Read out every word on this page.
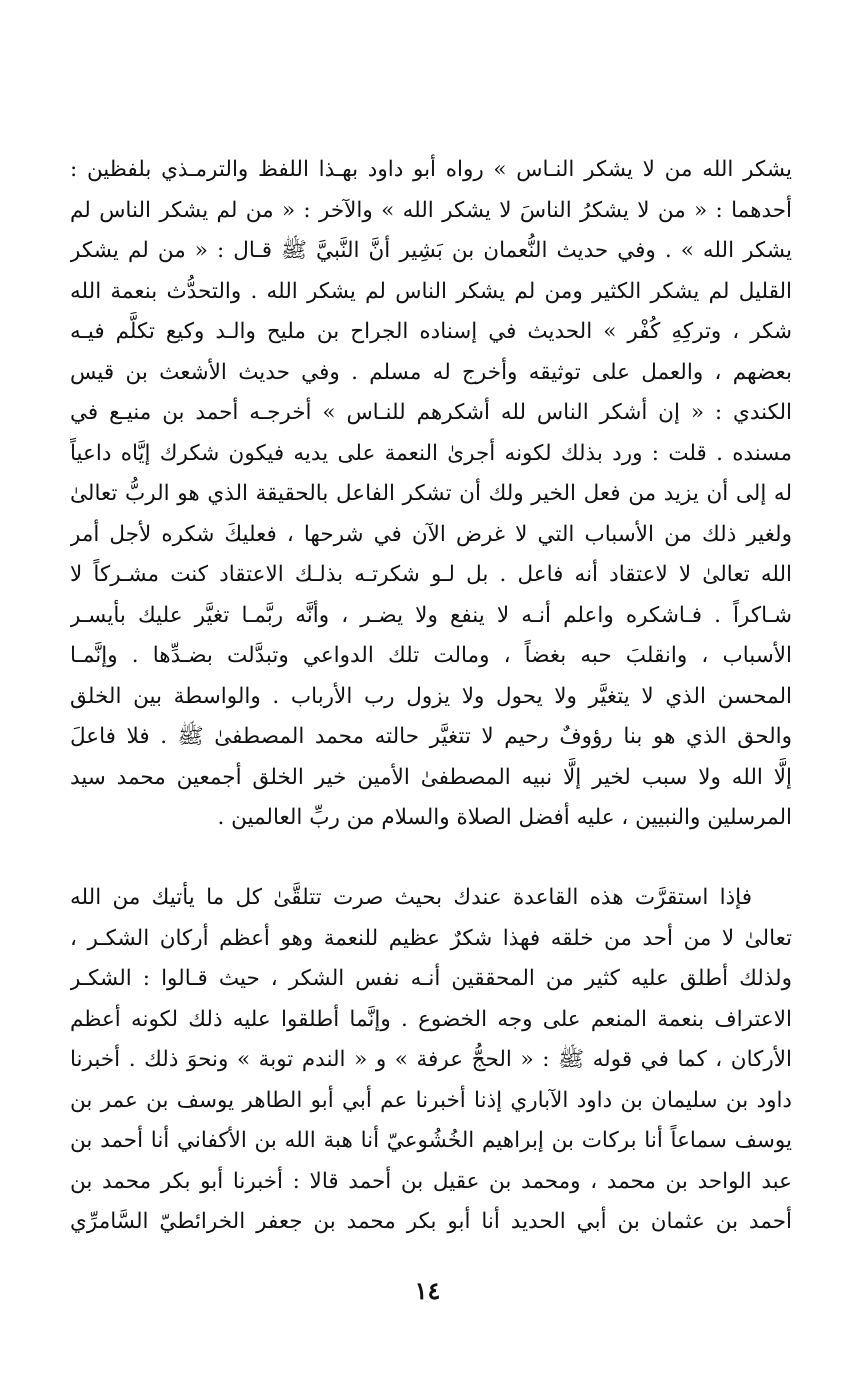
يشكر الله من لا يشكر النـاس » رواه أبو داود بهـذا اللفظ والترمـذي بلفظين :
أحدهما : « من لا يشكرُ الناسَ لا يشكر الله » والآخر : « من لم يشكر الناس لم
يشكر الله » . وفي حديث النُّعمان بن بَشِير أنَّ النَّبيَّ ﷺ قـال : « من لم يشكر
القليل لم يشكر الكثير ومن لم يشكر الناس لم يشكر الله . والتحدُّث بنعمة الله
شكر ، وتركِهِ كُفْر » الحديث في إسناده الجراح بن مليح والـد وكيع تكلَّم فيـه
بعضهم ، والعمل على توثيقه وأخرج له مسلم . وفي حديث الأشعث بن قيس
الكندي : « إن أشكر الناس لله أشكرهم للنـاس » أخرجـه أحمد بن منيـع في
مسنده . قلت : ورد بذلك لكونه أجرىٰ النعمة على يديه فيكون شكرك إيَّاه داعياً
له إلى أن يزيد من فعل الخير ولك أن تشكر الفاعل بالحقيقة الذي هو الربُّ تعالىٰ
ولغير ذلك من الأسباب التي لا غرض الآن في شرحها ، فعليكَ شكره لأجل أمر
الله تعالىٰ لا لاعتقاد أنه فاعل . بل لـو شكرتـه بذلـك الاعتقاد كنت مشـركاً لا
شـاكراً . فـاشكره واعلم أنـه لا ينفع ولا يضـر ، وأنَّه ربَّمـا تغيَّر عليك بأيسـر
الأسباب ، وانقلبَ حبه بغضاً ، ومالت تلك الدواعي وتبدَّلت بضـدِّها . وإنَّمـا
المحسن الذي لا يتغيَّر ولا يحول ولا يزول رب الأرباب . والواسطة بين الخلق
والحق الذي هو بنا رؤوفٌ رحيم لا تتغيَّر حالته محمد المصطفىٰ ﷺ . فلا فاعلَ
إلَّا الله ولا سبب لخير إلَّا نبيه المصطفىٰ الأمين خير الخلق أجمعين محمد سيد
المرسلين والنبيين ، عليه أفضل الصلاة والسلام من ربِّ العالمين .
فإذا استقرَّت هذه القاعدة عندك بحيث صرت تتلقَّىٰ كل ما يأتيك من الله
تعالىٰ لا من أحد من خلقه فهذا شكرٌ عظيم للنعمة وهو أعظم أركان الشكـر ،
ولذلك أطلق عليه كثير من المحققين أنـه نفس الشكر ، حيث قـالوا : الشكـر
الاعتراف بنعمة المنعم على وجه الخضوع . وإنَّما أطلقوا عليه ذلك لكونه أعظم
الأركان ، كما في قوله ﷺ : « الحجُّ عرفة » و « الندم توبة » ونحوَ ذلك . أخبرنا
داود بن سليمان بن داود الآباري إذنا أخبرنا عم أبي أبو الطاهر يوسف بن عمر بن
يوسف سماعاً أنا بركات بن إبراهيم الخُشُوعيّ أنا هبة الله بن الأكفاني أنا أحمد بن
عبد الواحد بن محمد ، ومحمد بن عقيل بن أحمد قالا : أخبرنا أبو بكر محمد بن
أحمد بن عثمان بن أبي الحديد أنا أبو بكر محمد بن جعفر الخرائطيّ السَّامرِّي
١٤
